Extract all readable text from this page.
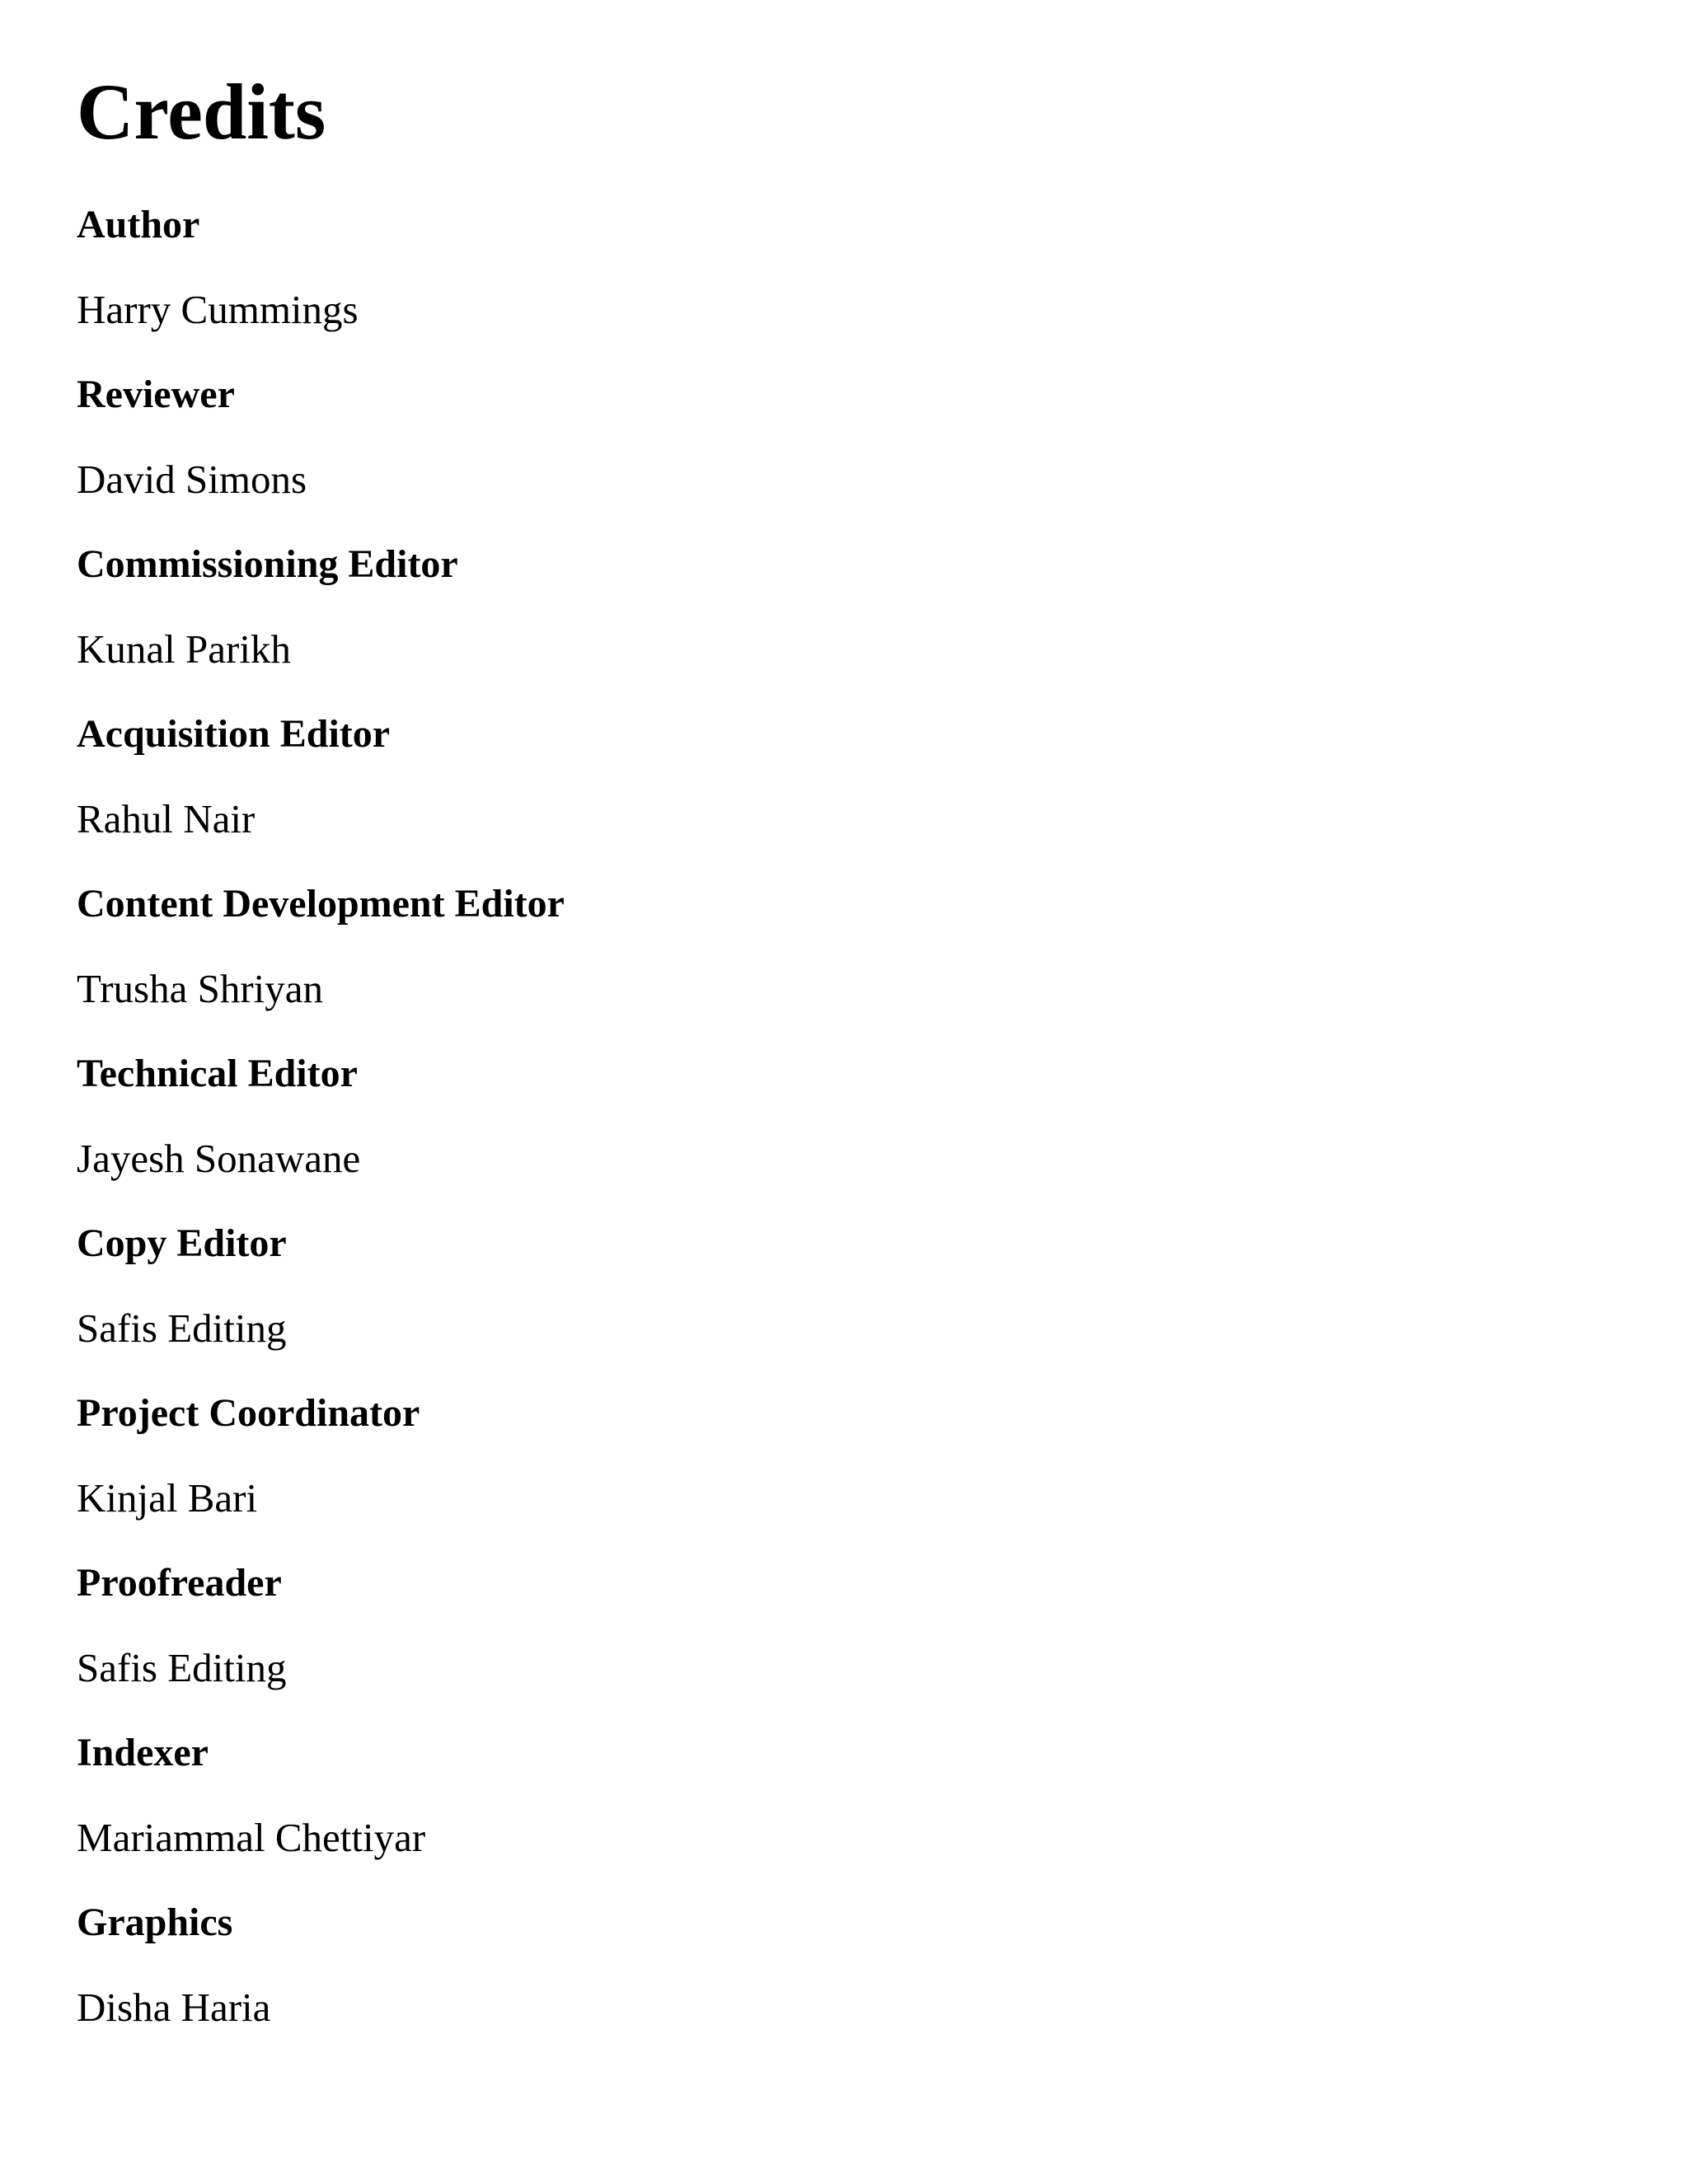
Credits
Author
Harry Cummings
Reviewer
David Simons
Commissioning Editor
Kunal Parikh
Acquisition Editor
Rahul Nair
Content Development Editor
Trusha Shriyan
Technical Editor
Jayesh Sonawane
Copy Editor
Safis Editing
Project Coordinator
Kinjal Bari
Proofreader
Safis Editing
Indexer
Mariammal Chettiyar
Graphics
Disha Haria
